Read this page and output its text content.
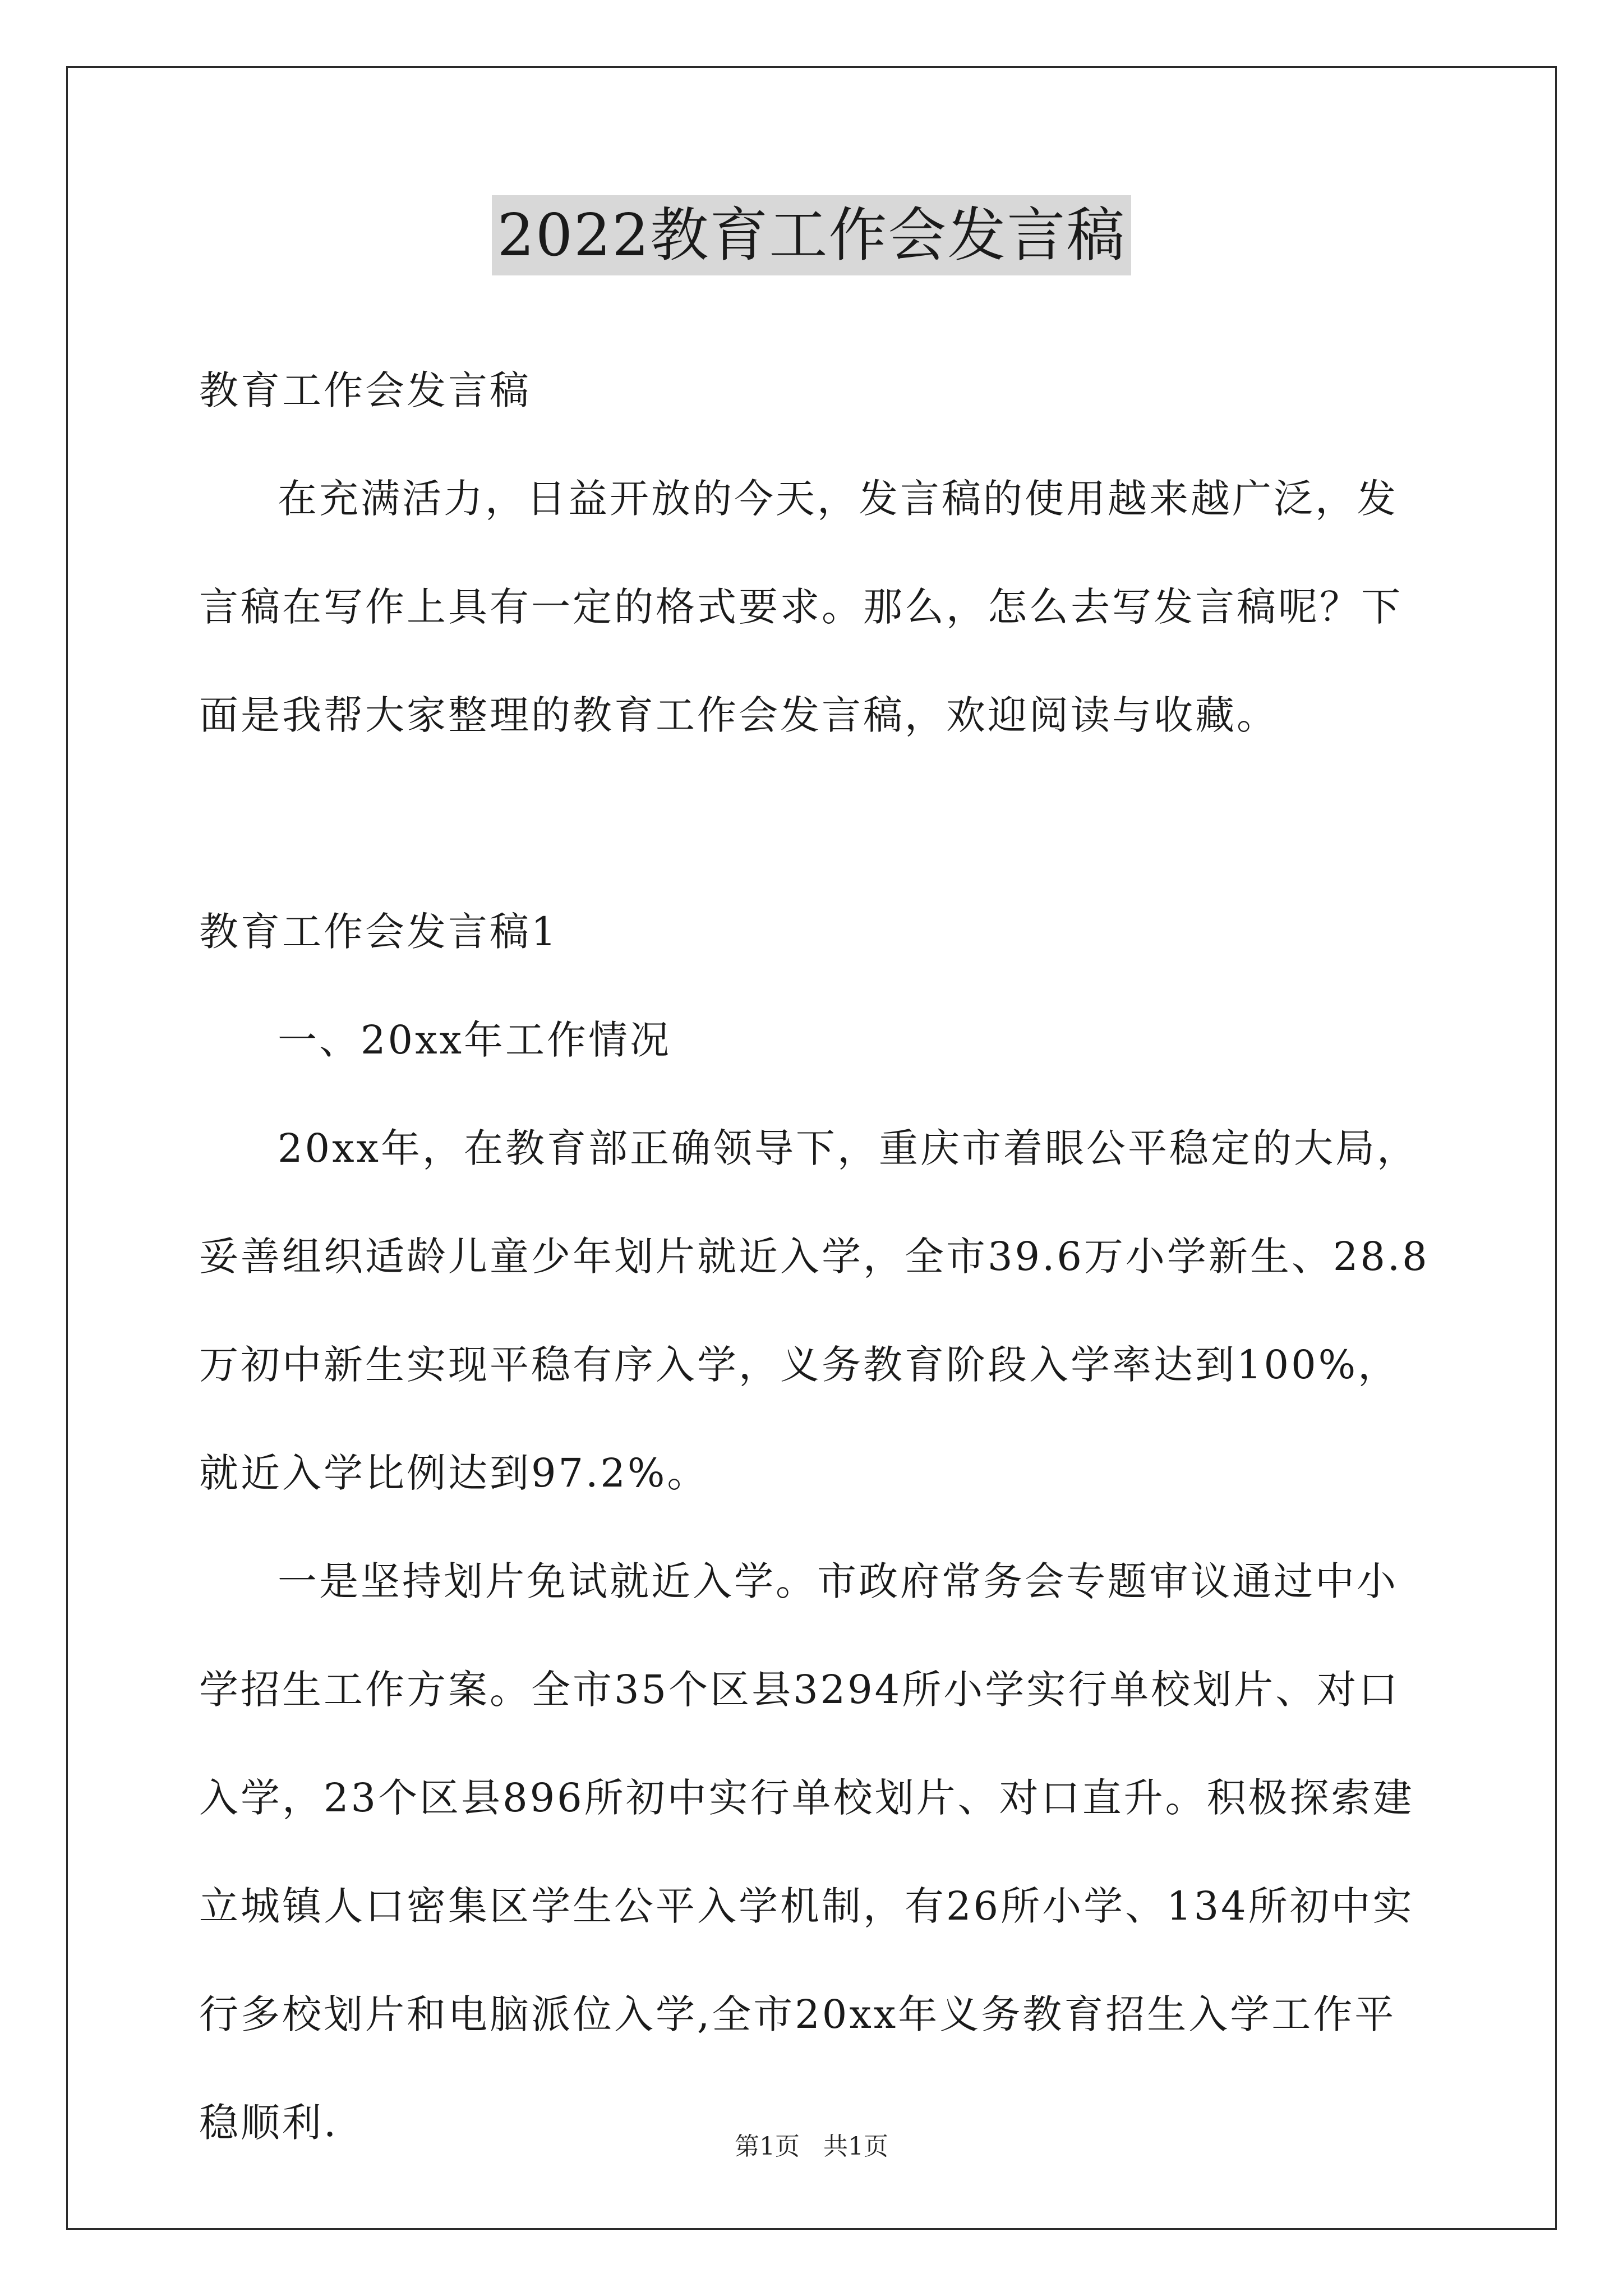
2022教育工作会发言稿

教育工作会发言稿

在充满活力，日益开放的今天，发言稿的使用越来越广泛，发言稿在写作上具有一定的格式要求。那么，怎么去写发言稿呢？下面是我帮大家整理的教育工作会发言稿，欢迎阅读与收藏。

教育工作会发言稿1

一、20xx年工作情况

20xx年，在教育部正确领导下，重庆市着眼公平稳定的大局，妥善组织适龄儿童少年划片就近入学，全市39.6万小学新生、28.8万初中新生实现平稳有序入学，义务教育阶段入学率达到100%，就近入学比例达到97.2%。

一是坚持划片免试就近入学。市政府常务会专题审议通过中小学招生工作方案。全市35个区县3294所小学实行单校划片、对口入学，23个区县896所初中实行单校划片、对口直升。积极探索建立城镇人口密集区学生公平入学机制，有26所小学、134所初中实行多校划片和电脑派位入学,全市20xx年义务教育招生入学工作平稳顺利.

第1页   共1页
